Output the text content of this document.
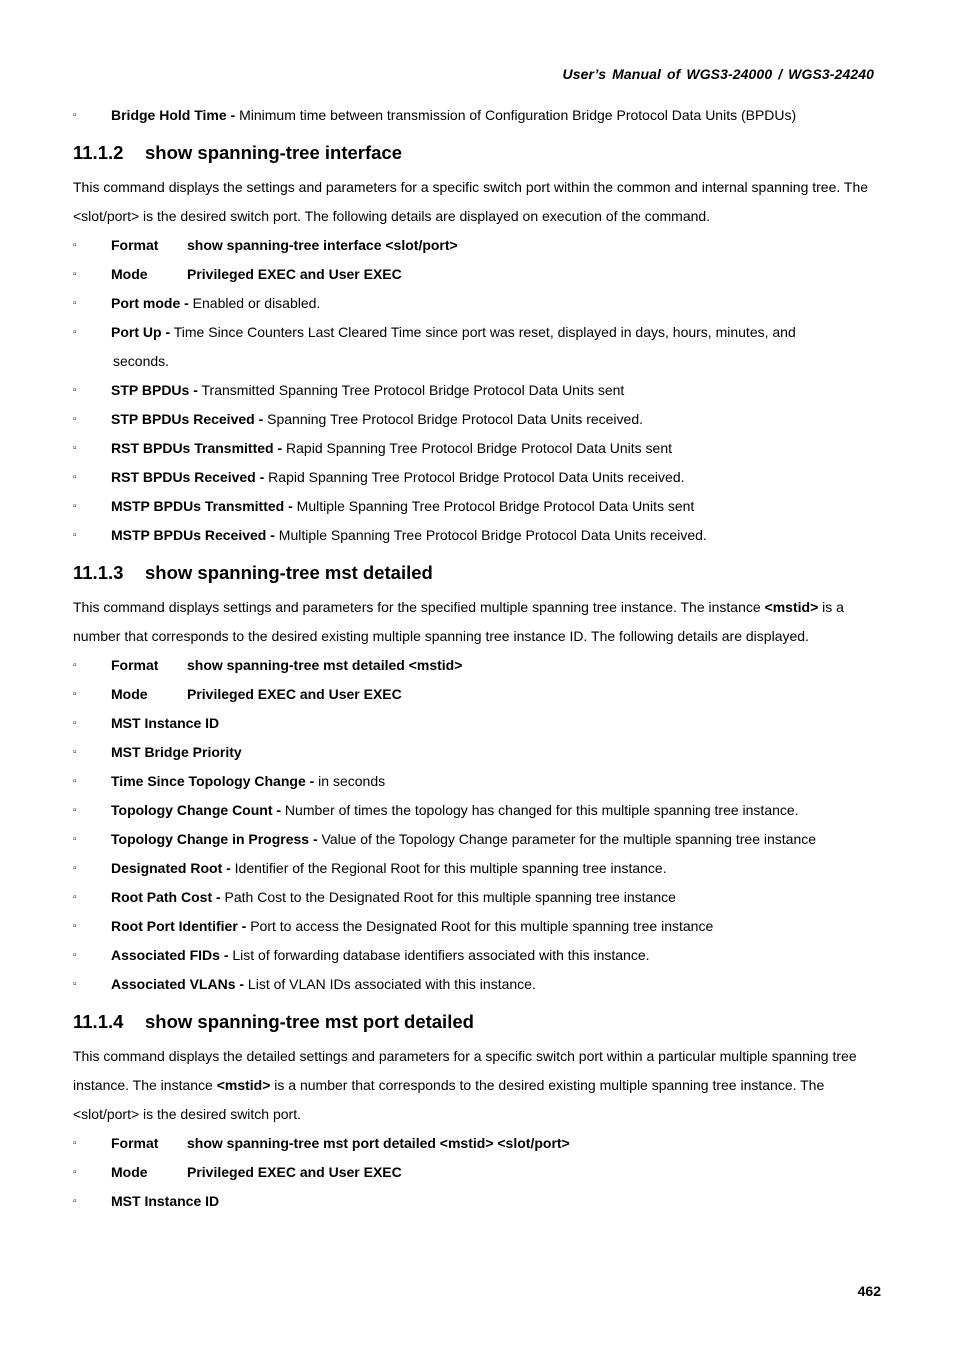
User’s Manual of WGS3-24000 / WGS3-24240
▫ Bridge Hold Time - Minimum time between transmission of Configuration Bridge Protocol Data Units (BPDUs)
11.1.2 show spanning-tree interface
This command displays the settings and parameters for a specific switch port within the common and internal spanning tree. The <slot/port> is the desired switch port. The following details are displayed on execution of the command.
▫ Format show spanning-tree interface <slot/port>
▫ Mode	Privileged EXEC and User EXEC
▫ Port mode - Enabled or disabled.
▫ Port Up - Time Since Counters Last Cleared Time since port was reset, displayed in days, hours, minutes, and
seconds.
▫ STP BPDUs - Transmitted Spanning Tree Protocol Bridge Protocol Data Units sent
▫ STP BPDUs Received - Spanning Tree Protocol Bridge Protocol Data Units received.
▫ RST BPDUs Transmitted - Rapid Spanning Tree Protocol Bridge Protocol Data Units sent
▫ RST BPDUs Received - Rapid Spanning Tree Protocol Bridge Protocol Data Units received.
▫ MSTP BPDUs Transmitted - Multiple Spanning Tree Protocol Bridge Protocol Data Units sent
▫ MSTP BPDUs Received - Multiple Spanning Tree Protocol Bridge Protocol Data Units received.
11.1.3 show spanning-tree mst detailed
This command displays settings and parameters for the specified multiple spanning tree instance. The instance <mstid> is a number that corresponds to the desired existing multiple spanning tree instance ID. The following details are displayed.
▫ Format show spanning-tree mst detailed <mstid>
▫ Mode	Privileged EXEC and User EXEC
▫ MST Instance ID
▫ MST Bridge Priority
▫ Time Since Topology Change - in seconds
▫ Topology Change Count - Number of times the topology has changed for this multiple spanning tree instance.
▫ Topology Change in Progress - Value of the Topology Change parameter for the multiple spanning tree instance
▫ Designated Root - Identifier of the Regional Root for this multiple spanning tree instance.
▫ Root Path Cost - Path Cost to the Designated Root for this multiple spanning tree instance
▫ Root Port Identifier - Port to access the Designated Root for this multiple spanning tree instance
▫ Associated FIDs - List of forwarding database identifiers associated with this instance.
▫ Associated VLANs - List of VLAN IDs associated with this instance.
11.1.4 show spanning-tree mst port detailed
This command displays the detailed settings and parameters for a specific switch port within a particular multiple spanning tree instance. The instance <mstid> is a number that corresponds to the desired existing multiple spanning tree instance. The <slot/port> is the desired switch port.
▫ Format show spanning-tree mst port detailed <mstid> <slot/port>
▫ Mode	Privileged EXEC and User EXEC
▫ MST Instance ID
462
